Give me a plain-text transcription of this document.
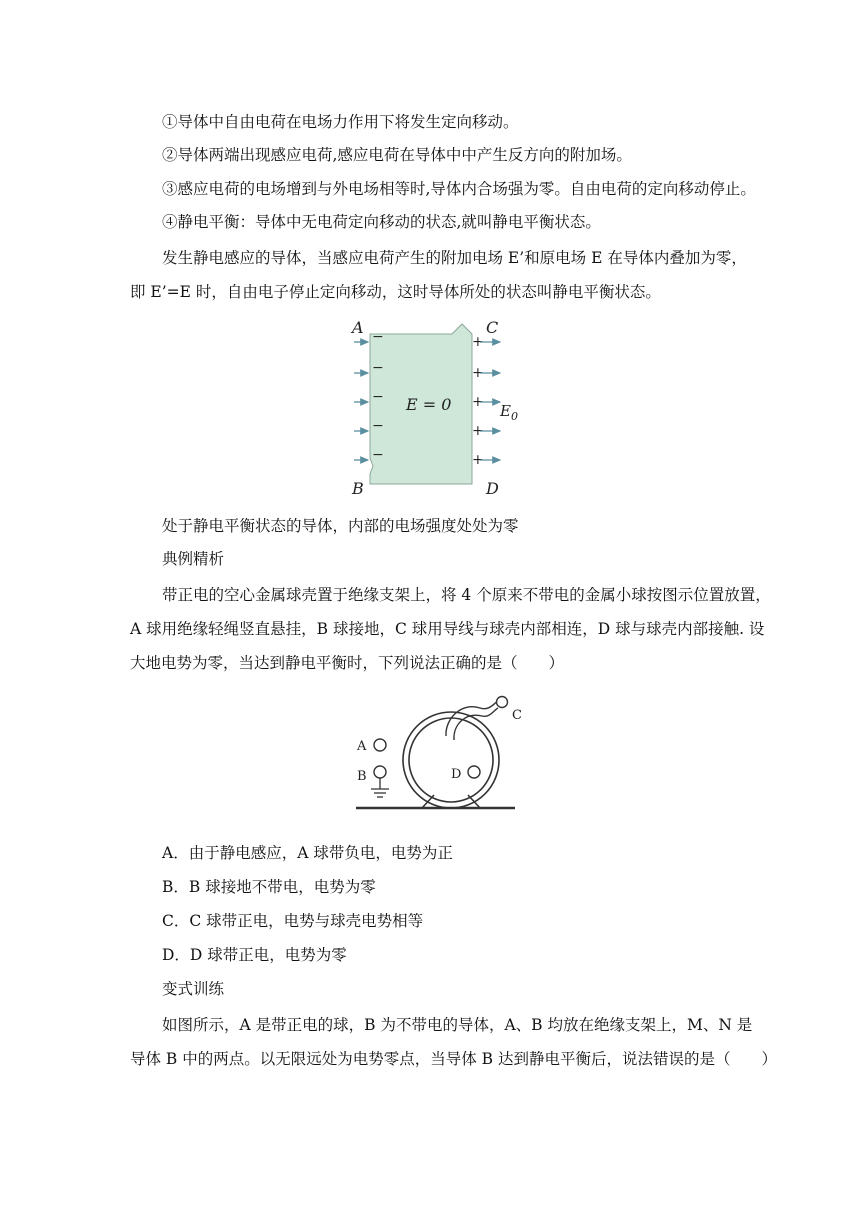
①导体中自由电荷在电场力作用下将发生定向移动。
②导体两端出现感应电荷,感应电荷在导体中中产生反方向的附加场。
③感应电荷的电场增到与外电场相等时,导体内合场强为零。自由电荷的定向移动停止。
④静电平衡：导体中无电荷定向移动的状态,就叫静电平衡状态。
发生静电感应的导体，当感应电荷产生的附加电场 E’和原电场 E 在导体内叠加为零，
即 E’=E 时，自由电子停止定向移动，这时导体所处的状态叫静电平衡状态。
A
B
C
D
E = 0	$E_0$
−
−
−
−
−
+
+
+
+
+
处于静电平衡状态的导体，内部的电场强度处处为零
典例精析
带正电的空心金属球壳置于绝缘支架上，将 4 个原来不带电的金属小球按图示位置放置，
A 球用绝缘轻绳竖直悬挂，B 球接地，C 球用导线与球壳内部相连，D 球与球壳内部接触. 设
大地电势为零，当达到静电平衡时，下列说法正确的是（　　）
C
A
B	D
A．由于静电感应，A 球带负电，电势为正
B．B 球接地不带电，电势为零
C．C 球带正电，电势与球壳电势相等
D．D 球带正电，电势为零
变式训练
如图所示，A 是带正电的球，B 为不带电的导体，A、B 均放在绝缘支架上，M、N 是
导体 B 中的两点。以无限远处为电势零点，当导体 B 达到静电平衡后，说法错误的是（　　）
